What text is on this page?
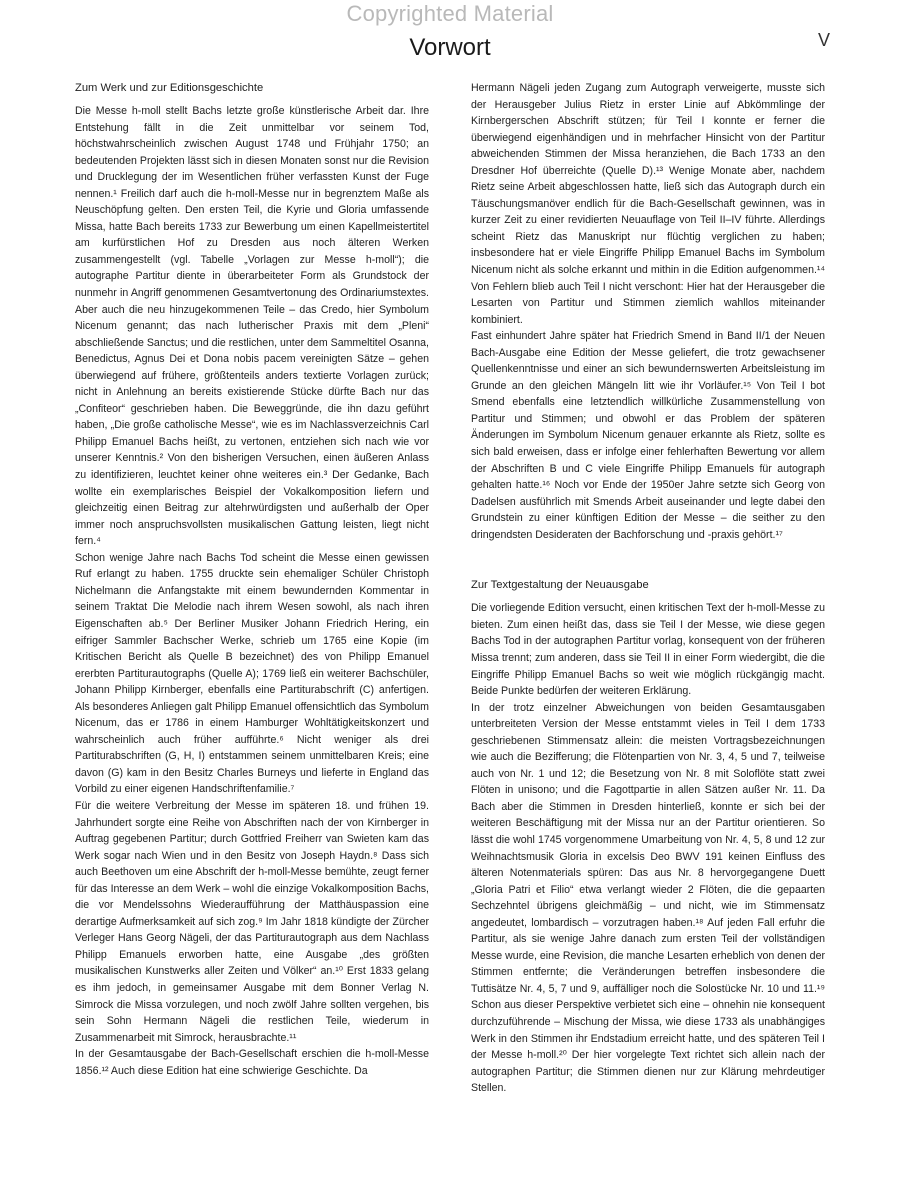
Copyrighted Material
Vorwort	V
Zum Werk und zur Editionsgeschichte

Die Messe h-moll stellt Bachs letzte große künstlerische Arbeit dar. Ihre Entstehung fällt in die Zeit unmittelbar vor seinem Tod, höchstwahrscheinlich zwischen August 1748 und Frühjahr 1750; an bedeutenden Projekten lässt sich in diesen Monaten sonst nur die Revision und Drucklegung der im Wesentlichen früher verfassten Kunst der Fuge nennen.¹ Freilich darf auch die h-moll-Messe nur in begrenztem Maße als Neuschöpfung gelten. Den ersten Teil, die Kyrie und Gloria umfassende Missa, hatte Bach bereits 1733 zur Bewerbung um einen Kapellmeistertitel am kurfürstlichen Hof zu Dresden aus noch älteren Werken zusammengestellt (vgl. Tabelle „Vorlagen zur Messe h-moll“); die autographe Partitur diente in überarbeiteter Form als Grundstock der nunmehr in Angriff genommenen Gesamtvertonung des Ordinariumstextes. Aber auch die neu hinzugekommenen Teile – das Credo, hier Symbolum Nicenum genannt; das nach lutherischer Praxis mit dem „Pleni“ abschließende Sanctus; und die restlichen, unter dem Sammeltitel Osanna, Benedictus, Agnus Dei et Dona nobis pacem vereinigten Sätze – gehen überwiegend auf frühere, größtenteils anders textierte Vorlagen zurück; nicht in Anlehnung an bereits existierende Stücke dürfte Bach nur das „Confiteor“ geschrieben haben. Die Beweggründe, die ihn dazu geführt haben, „Die große catholische Messe“, wie es im Nachlassverzeichnis Carl Philipp Emanuel Bachs heißt, zu vertonen, entziehen sich nach wie vor unserer Kenntnis.² Von den bisherigen Versuchen, einen äußeren Anlass zu identifizieren, leuchtet keiner ohne weiteres ein.³ Der Gedanke, Bach wollte ein exemplarisches Beispiel der Vokalkomposition liefern und gleichzeitig einen Beitrag zur altehrwürdigsten und außerhalb der Oper immer noch anspruchsvollsten musikalischen Gattung leisten, liegt nicht fern.⁴

Schon wenige Jahre nach Bachs Tod scheint die Messe einen gewissen Ruf erlangt zu haben. 1755 druckte sein ehemaliger Schüler Christoph Nichelmann die Anfangstakte mit einem bewundernden Kommentar in seinem Traktat Die Melodie nach ihrem Wesen sowohl, als nach ihren Eigenschaften ab.⁵ Der Berliner Musiker Johann Friedrich Hering, ein eifriger Sammler Bachscher Werke, schrieb um 1765 eine Kopie (im Kritischen Bericht als Quelle B bezeichnet) des von Philipp Emanuel ererbten Partiturautographs (Quelle A); 1769 ließ ein weiterer Bachschüler, Johann Philipp Kirnberger, ebenfalls eine Partiturabschrift (C) anfertigen. Als besonderes Anliegen galt Philipp Emanuel offensichtlich das Symbolum Nicenum, das er 1786 in einem Hamburger Wohltätigkeitskonzert und wahrscheinlich auch früher aufführte.⁶ Nicht weniger als drei Partiturabschriften (G, H, I) entstammen seinem unmittelbaren Kreis; eine davon (G) kam in den Besitz Charles Burneys und lieferte in England das Vorbild zu einer eigenen Handschriftenfamilie.⁷

Für die weitere Verbreitung der Messe im späteren 18. und frühen 19. Jahrhundert sorgte eine Reihe von Abschriften nach der von Kirnberger in Auftrag gegebenen Partitur; durch Gottfried Freiherr van Swieten kam das Werk sogar nach Wien und in den Besitz von Joseph Haydn.⁸ Dass sich auch Beethoven um eine Abschrift der h-moll-Messe bemühte, zeugt ferner für das Interesse an dem Werk – wohl die einzige Vokalkomposition Bachs, die vor Mendelssohns Wiederaufführung der Matthäuspassion eine derartige Aufmerksamkeit auf sich zog.⁹ Im Jahr 1818 kündigte der Zürcher Verleger Hans Georg Nägeli, der das Partiturautograph aus dem Nachlass Philipp Emanuels erworben hatte, eine Ausgabe „des größten musikalischen Kunstwerks aller Zeiten und Völker“ an.¹⁰ Erst 1833 gelang es ihm jedoch, in gemeinsamer Ausgabe mit dem Bonner Verlag N. Simrock die Missa vorzulegen, und noch zwölf Jahre sollten vergehen, bis sein Sohn Hermann Nägeli die restlichen Teile, wiederum in Zusammenarbeit mit Simrock, herausbrachte.¹¹

In der Gesamtausgabe der Bach-Gesellschaft erschien die h-moll-Messe 1856.¹² Auch diese Edition hat eine schwierige Geschichte. Da

Hermann Nägeli jeden Zugang zum Autograph verweigerte, musste sich der Herausgeber Julius Rietz in erster Linie auf Abkömmlinge der Kirnbergerschen Abschrift stützen; für Teil I konnte er ferner die überwiegend eigenhändigen und in mehrfacher Hinsicht von der Partitur abweichenden Stimmen der Missa heranziehen, die Bach 1733 an den Dresdner Hof überreichte (Quelle D).¹³ Wenige Monate aber, nachdem Rietz seine Arbeit abgeschlossen hatte, ließ sich das Autograph durch ein Täuschungsmanöver endlich für die Bach-Gesellschaft gewinnen, was in kurzer Zeit zu einer revidierten Neuauflage von Teil II–IV führte. Allerdings scheint Rietz das Manuskript nur flüchtig verglichen zu haben; insbesondere hat er viele Eingriffe Philipp Emanuel Bachs im Symbolum Nicenum nicht als solche erkannt und mithin in die Edition aufgenommen.¹⁴ Von Fehlern blieb auch Teil I nicht verschont: Hier hat der Herausgeber die Lesarten von Partitur und Stimmen ziemlich wahllos miteinander kombiniert.

Fast einhundert Jahre später hat Friedrich Smend in Band II/1 der Neuen Bach-Ausgabe eine Edition der Messe geliefert, die trotz gewachsener Quellenkenntnisse und einer an sich bewundernswerten Arbeitsleistung im Grunde an den gleichen Mängeln litt wie ihr Vorläufer.¹⁵ Von Teil I bot Smend ebenfalls eine letztendlich willkürliche Zusammenstellung von Partitur und Stimmen; und obwohl er das Problem der späteren Änderungen im Symbolum Nicenum genauer erkannte als Rietz, sollte es sich bald erweisen, dass er infolge einer fehlerhaften Bewertung vor allem der Abschriften B und C viele Eingriffe Philipp Emanuels für autograph gehalten hatte.¹⁶ Noch vor Ende der 1950er Jahre setzte sich Georg von Dadelsen ausführlich mit Smends Arbeit auseinander und legte dabei den Grundstein zu einer künftigen Edition der Messe – die seither zu den dringendsten Desideraten der Bachforschung und -praxis gehört.¹⁷

Zur Textgestaltung der Neuausgabe

Die vorliegende Edition versucht, einen kritischen Text der h-moll-Messe zu bieten. Zum einen heißt das, dass sie Teil I der Messe, wie diese gegen Bachs Tod in der autographen Partitur vorlag, konsequent von der früheren Missa trennt; zum anderen, dass sie Teil II in einer Form wiedergibt, die die Eingriffe Philipp Emanuel Bachs so weit wie möglich rückgängig macht. Beide Punkte bedürfen der weiteren Erklärung.

In der trotz einzelner Abweichungen von beiden Gesamtausgaben unterbreiteten Version der Messe entstammt vieles in Teil I dem 1733 geschriebenen Stimmensatz allein: die meisten Vortragsbezeichnungen wie auch die Bezifferung; die Flötenpartien von Nr. 3, 4, 5 und 7, teilweise auch von Nr. 1 und 12; die Besetzung von Nr. 8 mit Soloflöte statt zwei Flöten in unisono; und die Fagottpartie in allen Sätzen außer Nr. 11. Da Bach aber die Stimmen in Dresden hinterließ, konnte er sich bei der weiteren Beschäftigung mit der Missa nur an der Partitur orientieren. So lässt die wohl 1745 vorgenommene Umarbeitung von Nr. 4, 5, 8 und 12 zur Weihnachtsmusik Gloria in excelsis Deo BWV 191 keinen Einfluss des älteren Notenmaterials spüren: Das aus Nr. 8 hervorgegangene Duett „Gloria Patri et Filio“ etwa verlangt wieder 2 Flöten, die die gepaarten Sechzehntel übrigens gleichmäßig – und nicht, wie im Stimmensatz angedeutet, lombardisch – vorzutragen haben.¹⁸ Auf jeden Fall erfuhr die Partitur, als sie wenige Jahre danach zum ersten Teil der vollständigen Messe wurde, eine Revision, die manche Lesarten erheblich von denen der Stimmen entfernte; die Veränderungen betreffen insbesondere die Tuttisätze Nr. 4, 5, 7 und 9, auffälliger noch die Solostücke Nr. 10 und 11.¹⁹ Schon aus dieser Perspektive verbietet sich eine – ohnehin nie konsequent durchzuführende – Mischung der Missa, wie diese 1733 als unabhängiges Werk in den Stimmen ihr Endstadium erreicht hatte, und des späteren Teil I der Messe h-moll.²⁰ Der hier vorgelegte Text richtet sich allein nach der autographen Partitur; die Stimmen dienen nur zur Klärung mehrdeutiger Stellen.
